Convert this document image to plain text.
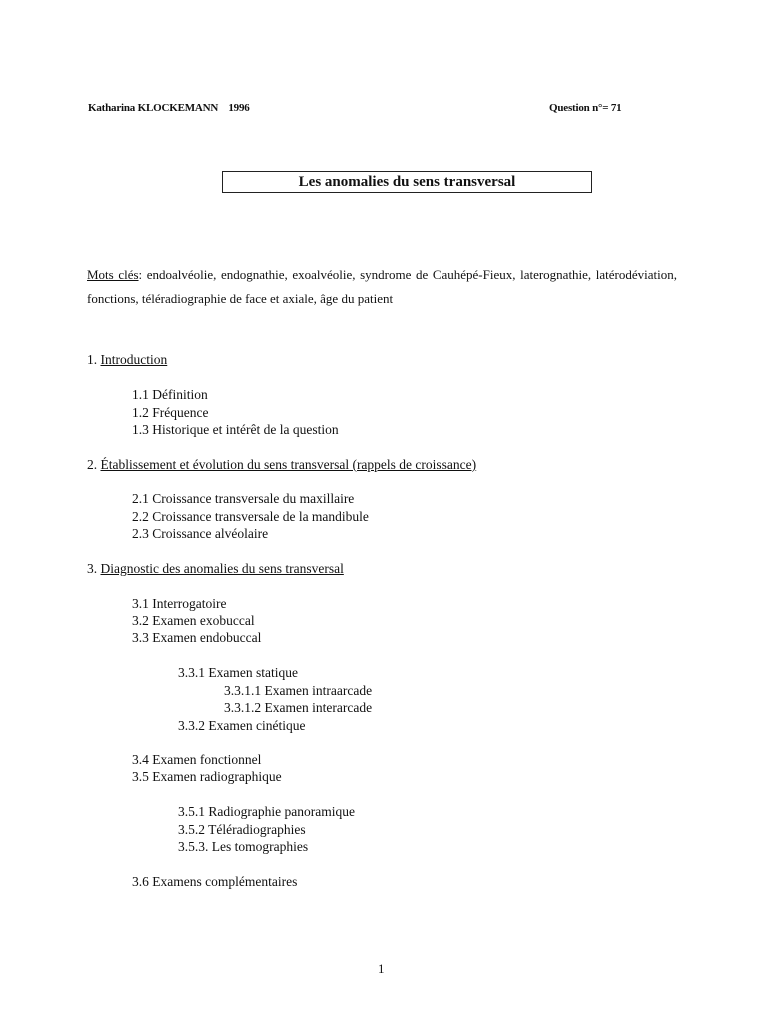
Katharina KLOCKEMANN    1996	Question n°= 71
Les anomalies du sens transversal
Mots clés: endoalvéolie, endognathie, exoalvéolie, syndrome de Cauhépé-Fieux, laterognathie, latérodéviation, fonctions, téléradiographie de face et axiale, âge du patient
1. Introduction
1.1 Définition
1.2 Fréquence
1.3 Historique et intérêt de la question
2. Établissement et évolution du sens transversal (rappels de croissance)
2.1 Croissance transversale du maxillaire
2.2 Croissance transversale de la mandibule
2.3 Croissance alvéolaire
3. Diagnostic des anomalies du sens transversal
3.1 Interrogatoire
3.2 Examen exobuccal
3.3 Examen endobuccal
3.3.1 Examen statique
3.3.1.1 Examen intraarcade
3.3.1.2 Examen interarcade
3.3.2 Examen cinétique
3.4 Examen fonctionnel
3.5 Examen radiographique
3.5.1 Radiographie panoramique
3.5.2 Téléradiographies
3.5.3. Les tomographies
3.6 Examens complémentaires
1
